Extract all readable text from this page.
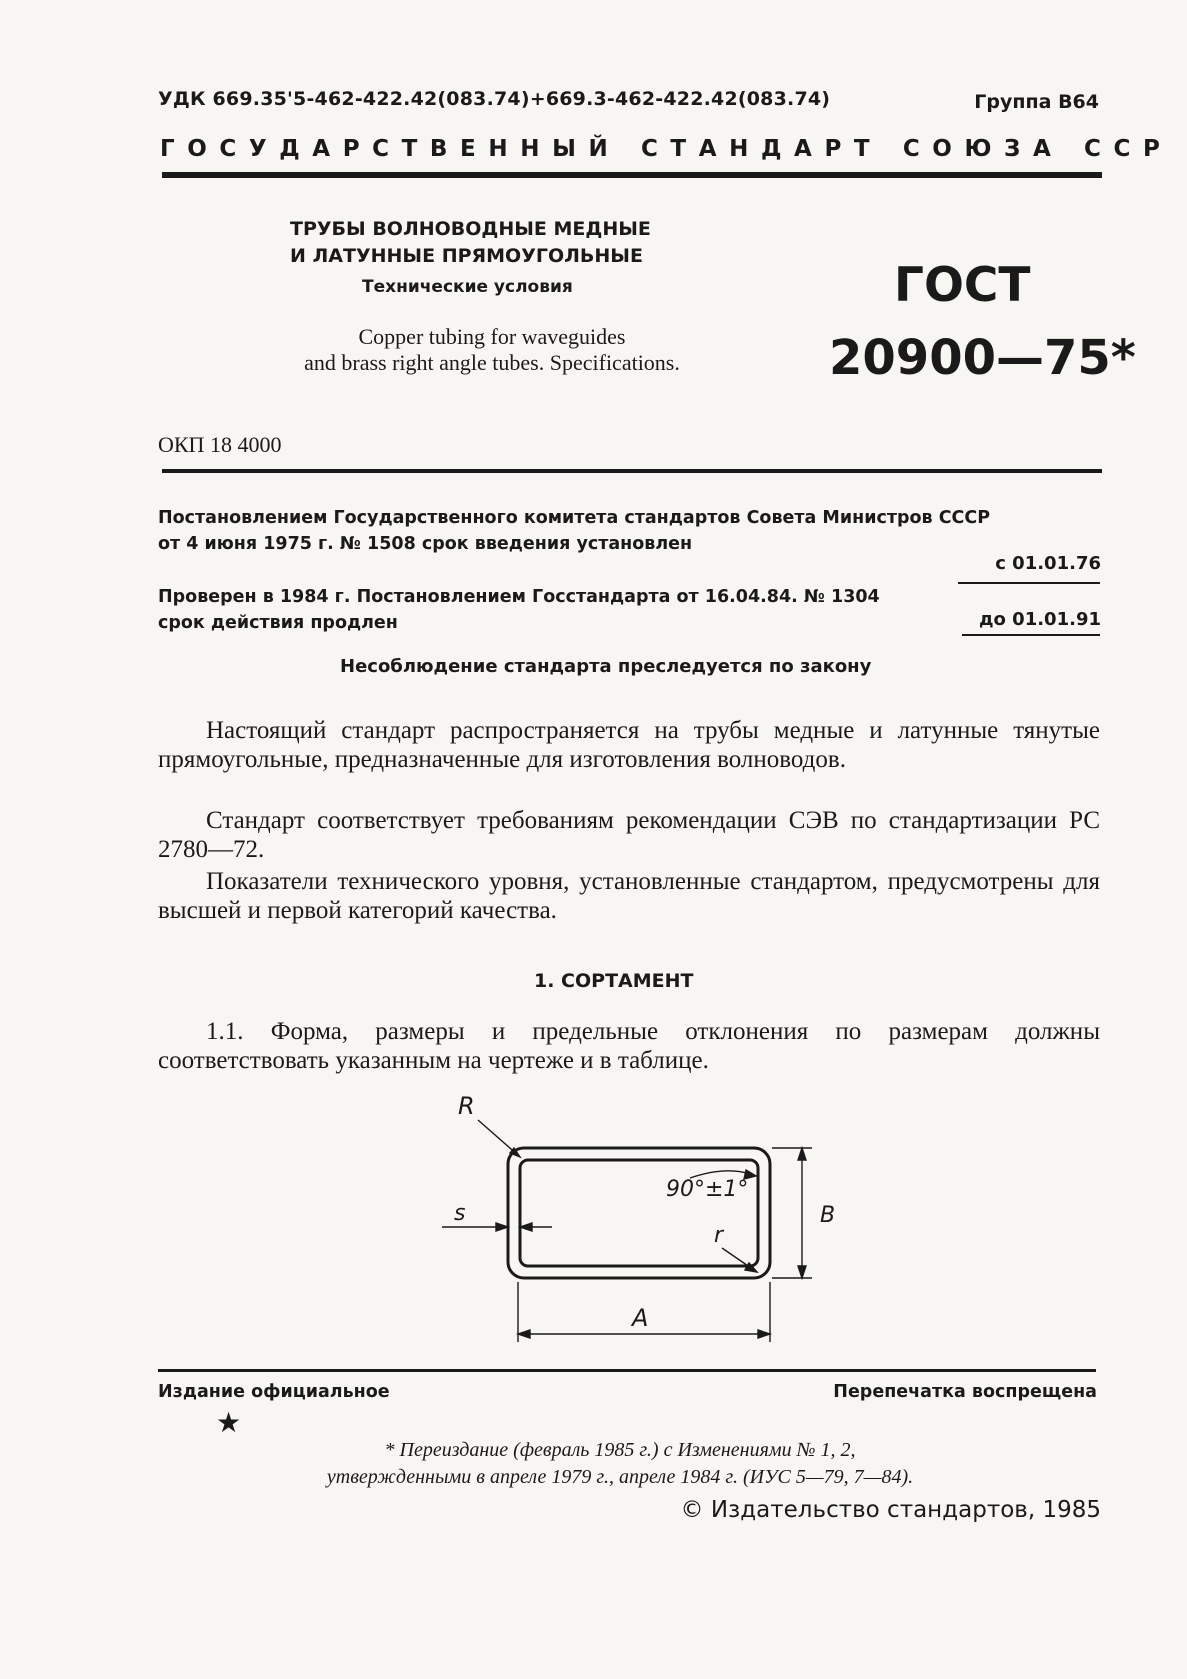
УДК 669.35'5-462-422.42(083.74)+669.3-462-422.42(083.74)	Группа В64
ГОСУДАРСТВЕННЫЙ СТАНДАРТ СОЮЗА ССР
ТРУБЫ ВОЛНОВОДНЫЕ МЕДНЫЕ
И ЛАТУННЫЕ ПРЯМОУГОЛЬНЫЕ
Технические условия
Copper tubing for waveguides
and brass right angle tubes. Specifications.
ГОСТ
20900—75*
ОКП 18 4000
Постановлением Государственного комитета стандартов Совета Министров СССР
от 4 июня 1975 г. № 1508 срок введения установлен
с 01.01.76
Проверен в 1984 г. Постановлением Госстандарта от 16.04.84. № 1304
срок действия продлен	до 01.01.91
Несоблюдение стандарта преследуется по закону
Настоящий стандарт распространяется на трубы медные и латунные тянутые прямоугольные, предназначенные для изготовления волноводов.
Стандарт соответствует требованиям рекомендации СЭВ по стандартизации РС 2780—72.
Показатели технического уровня, установленные стандартом, предусмотрены для высшей и первой категорий качества.
1. СОРТАМЕНТ
1.1. Форма, размеры и предельные отклонения по размерам должны соответствовать указанным на чертеже и в таблице.
R
s
90°±1°
r
B
A
Издание официальное	Перепечатка воспрещена
★
* Переиздание (февраль 1985 г.) с Изменениями № 1, 2,
утвержденными в апреле 1979 г., апреле 1984 г. (ИУС 5—79, 7—84).
© Издательство стандартов, 1985
